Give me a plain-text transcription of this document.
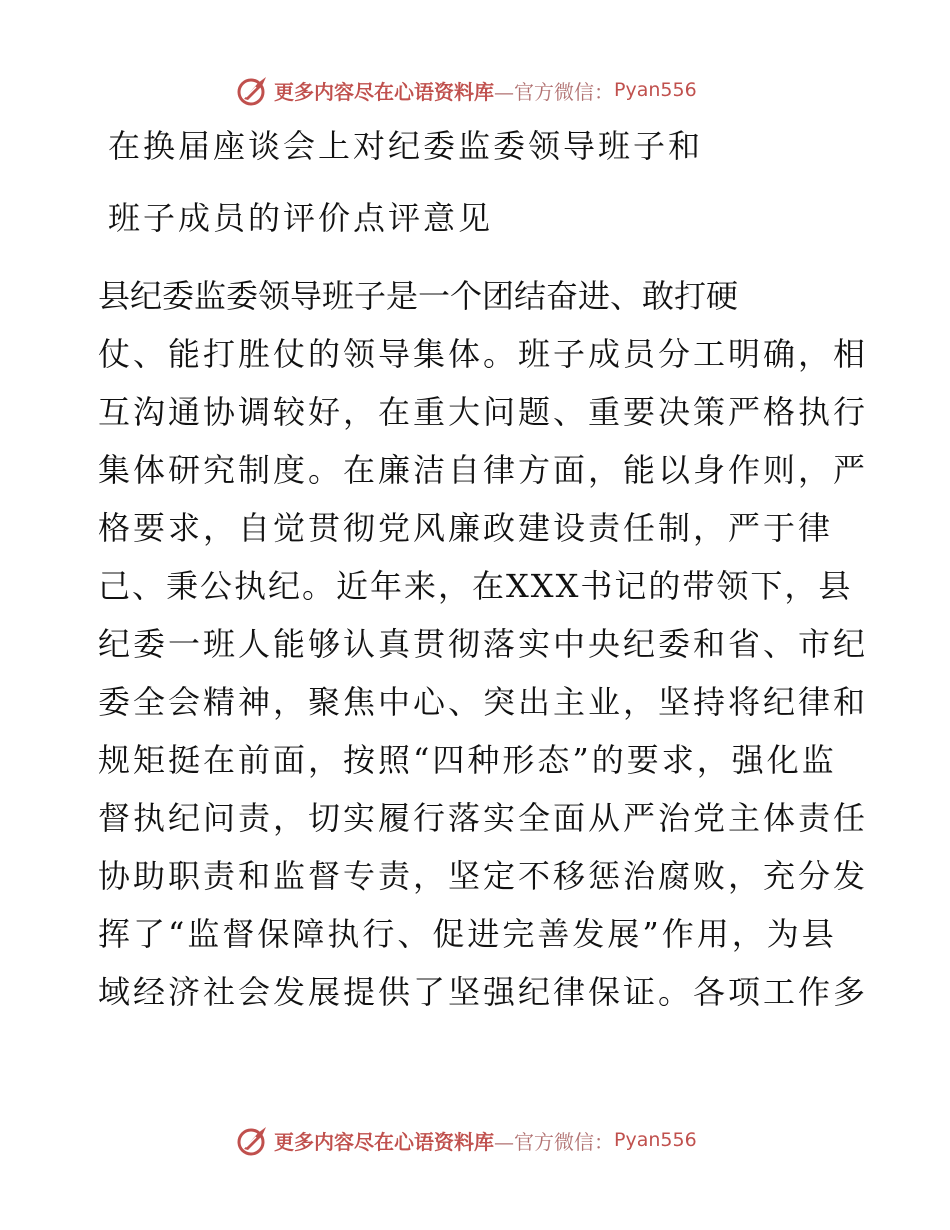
更多内容尽在心语资料库—官方微信： Pyan556
在换届座谈会上对纪委监委领导班子和
班子成员的评价点评意见
县纪委监委领导班子是一个团结奋进、敢打硬
仗、能打胜仗的领导集体。班子成员分工明确，相
互沟通协调较好，在重大问题、重要决策严格执行
集体研究制度。在廉洁自律方面，能以身作则，严
格要求，自觉贯彻党风廉政建设责任制，严于律
己、秉公执纪。近年来，在XXX书记的带领下，县
纪委一班人能够认真贯彻落实中央纪委和省、市纪
委全会精神，聚焦中心、突出主业，坚持将纪律和
规矩挺在前面，按照“四种形态”的要求，强化监
督执纪问责，切实履行落实全面从严治党主体责任
协助职责和监督专责，坚定不移惩治腐败，充分发
挥了“监督保障执行、促进完善发展”作用，为县
域经济社会发展提供了坚强纪律保证。各项工作多
更多内容尽在心语资料库—官方微信： Pyan556
